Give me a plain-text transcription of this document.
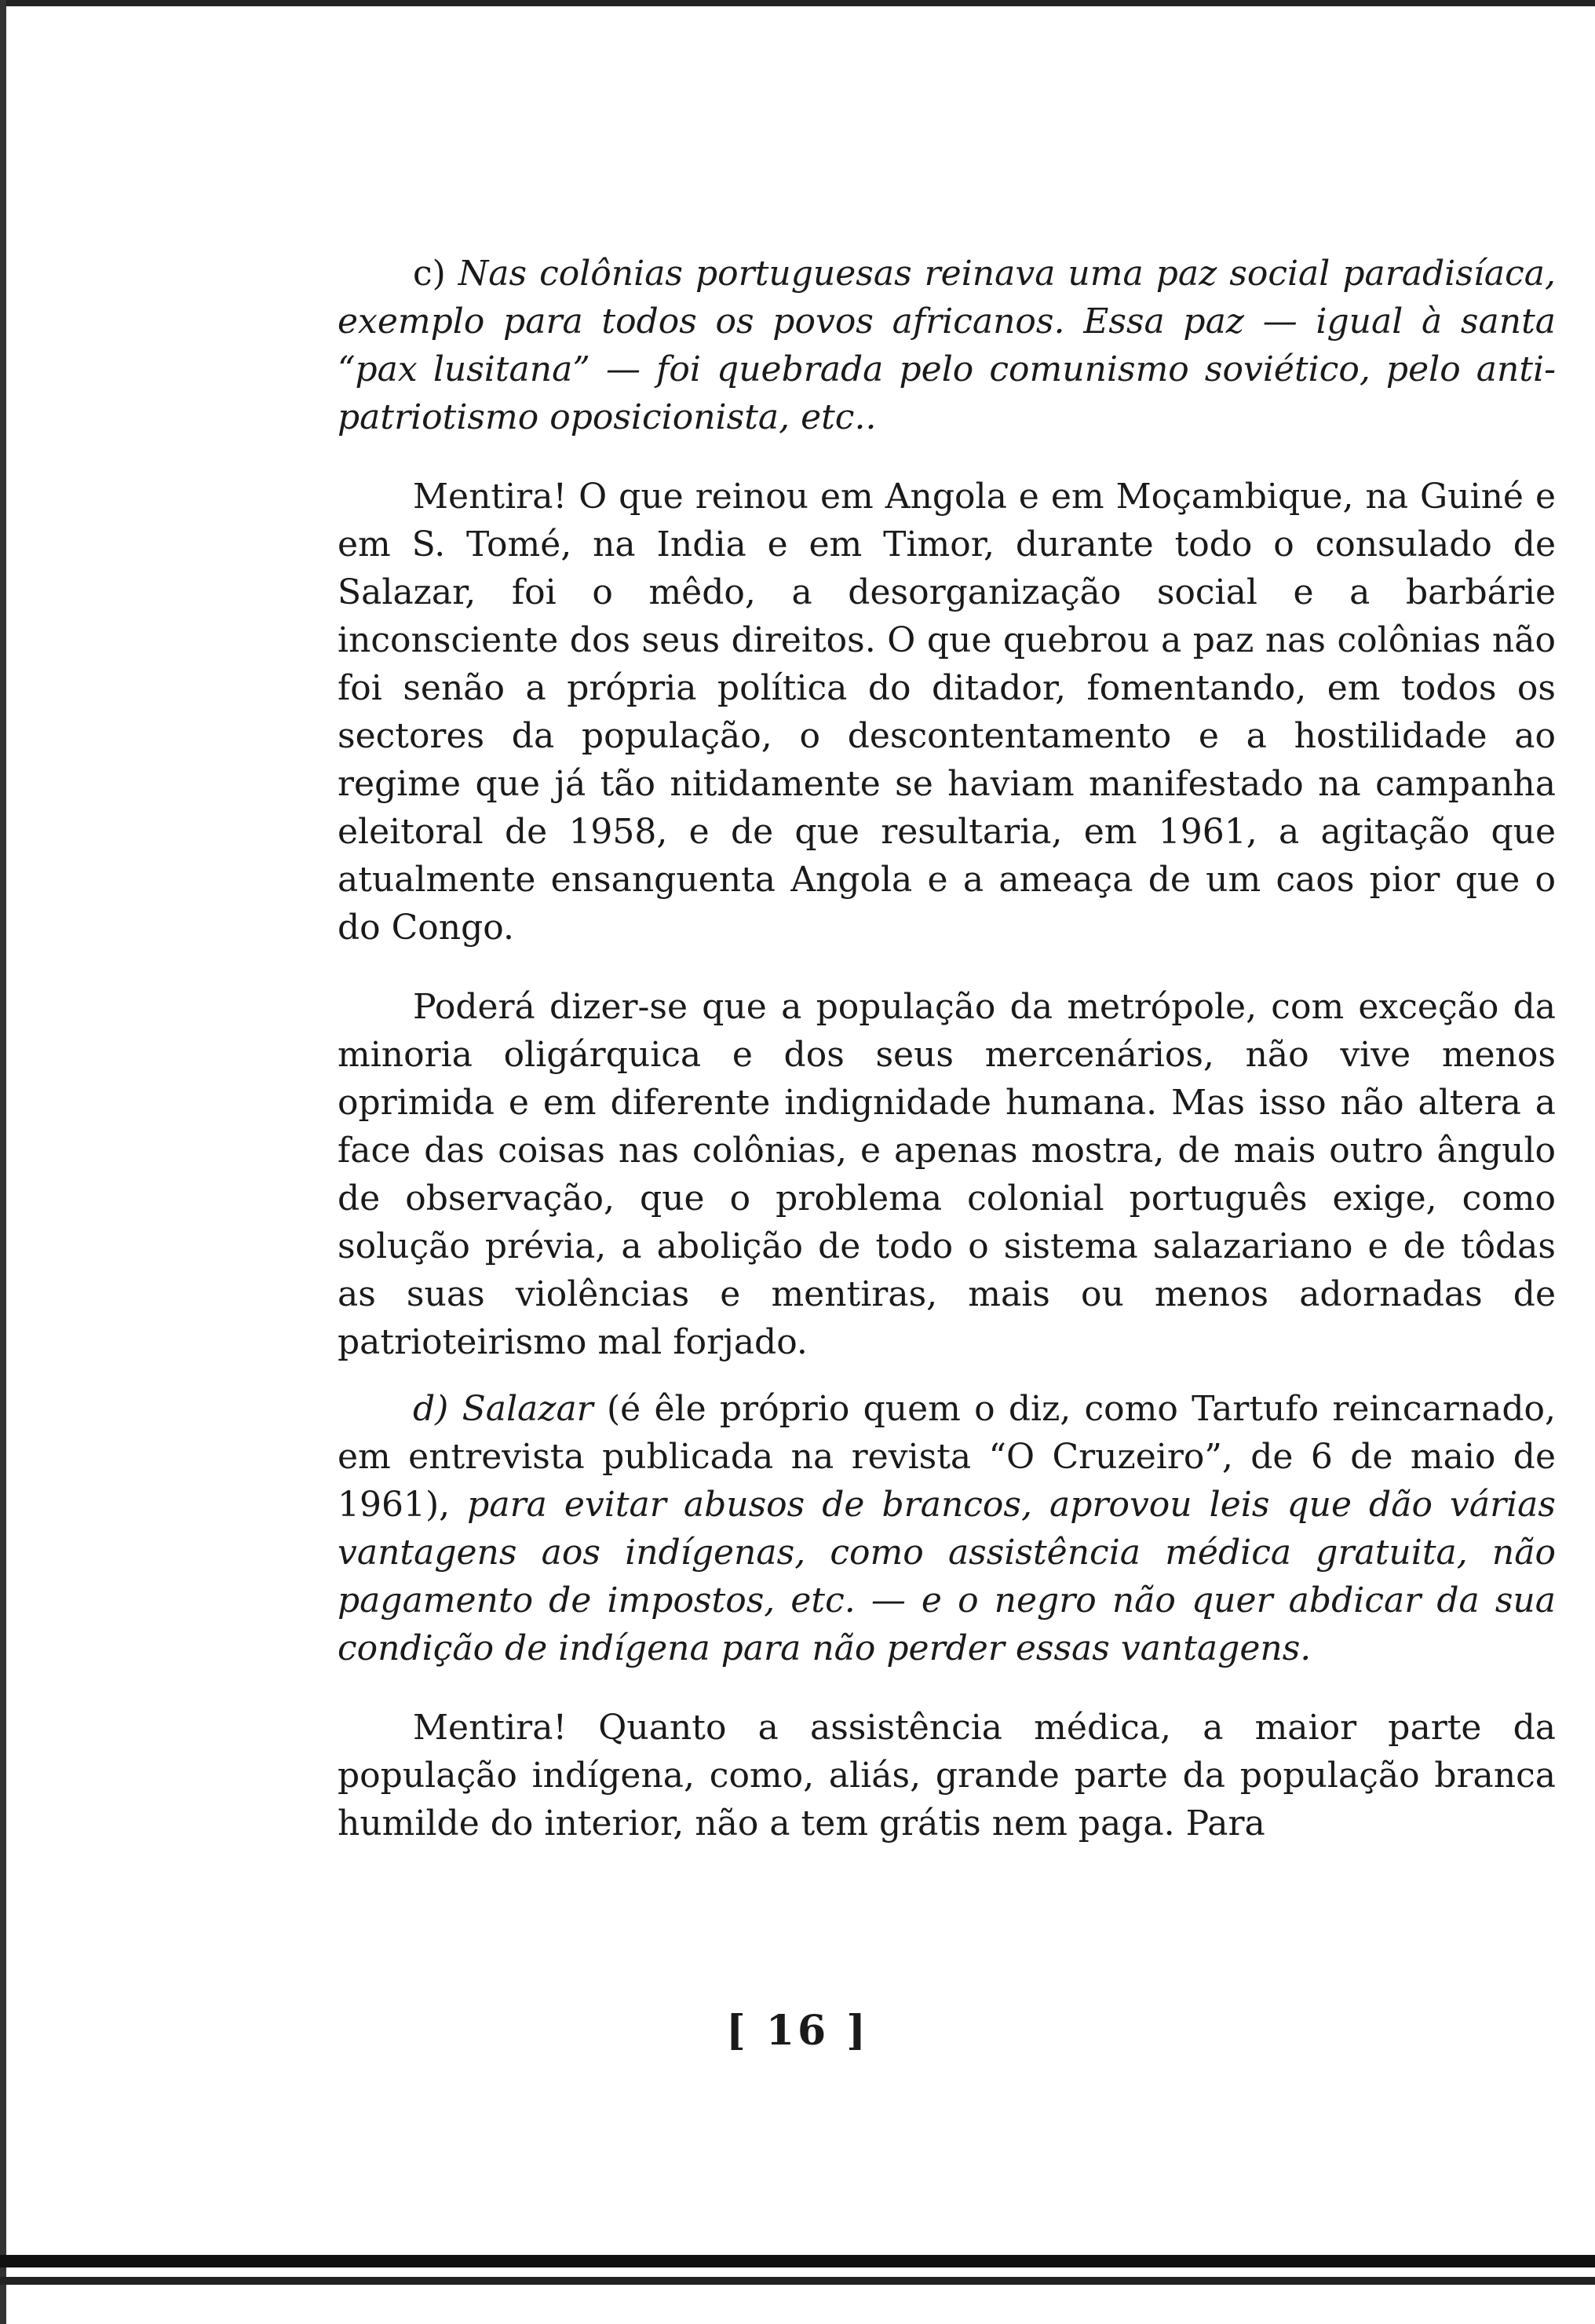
c) Nas colônias portuguesas reinava uma paz social paradisíaca, exemplo para todos os povos africanos. Essa paz — igual à santa “pax lusitana” — foi quebrada pelo comunismo soviético, pelo anti-patriotismo oposicionista, etc..

Mentira! O que reinou em Angola e em Moçambique, na Guiné e em S. Tomé, na India e em Timor, durante todo o consulado de Salazar, foi o mêdo, a desorganização social e a barbárie inconsciente dos seus direitos. O que quebrou a paz nas colônias não foi senão a própria política do ditador, fomentando, em todos os sectores da população, o descontentamento e a hostilidade ao regime que já tão nitidamente se haviam manifestado na campanha eleitoral de 1958, e de que resultaria, em 1961, a agitação que atualmente ensanguenta Angola e a ameaça de um caos pior que o do Congo.

Poderá dizer-se que a população da metrópole, com exceção da minoria oligárquica e dos seus mercenários, não vive menos oprimida e em diferente indignidade humana. Mas isso não altera a face das coisas nas colônias, e apenas mostra, de mais outro ângulo de observação, que o problema colonial português exige, como solução prévia, a abolição de todo o sistema salazariano e de tôdas as suas violências e mentiras, mais ou menos adornadas de patrioteirismo mal forjado.

d) Salazar (é êle próprio quem o diz, como Tartufo reincarnado, em entrevista publicada na revista “O Cruzeiro”, de 6 de maio de 1961), para evitar abusos de brancos, aprovou leis que dão várias vantagens aos indígenas, como assistência médica gratuita, não pagamento de impostos, etc. — e o negro não quer abdicar da sua condição de indígena para não perder essas vantagens.

Mentira! Quanto a assistência médica, a maior parte da população indígena, como, aliás, grande parte da população branca humilde do interior, não a tem grátis nem paga. Para

[ 16 ]
